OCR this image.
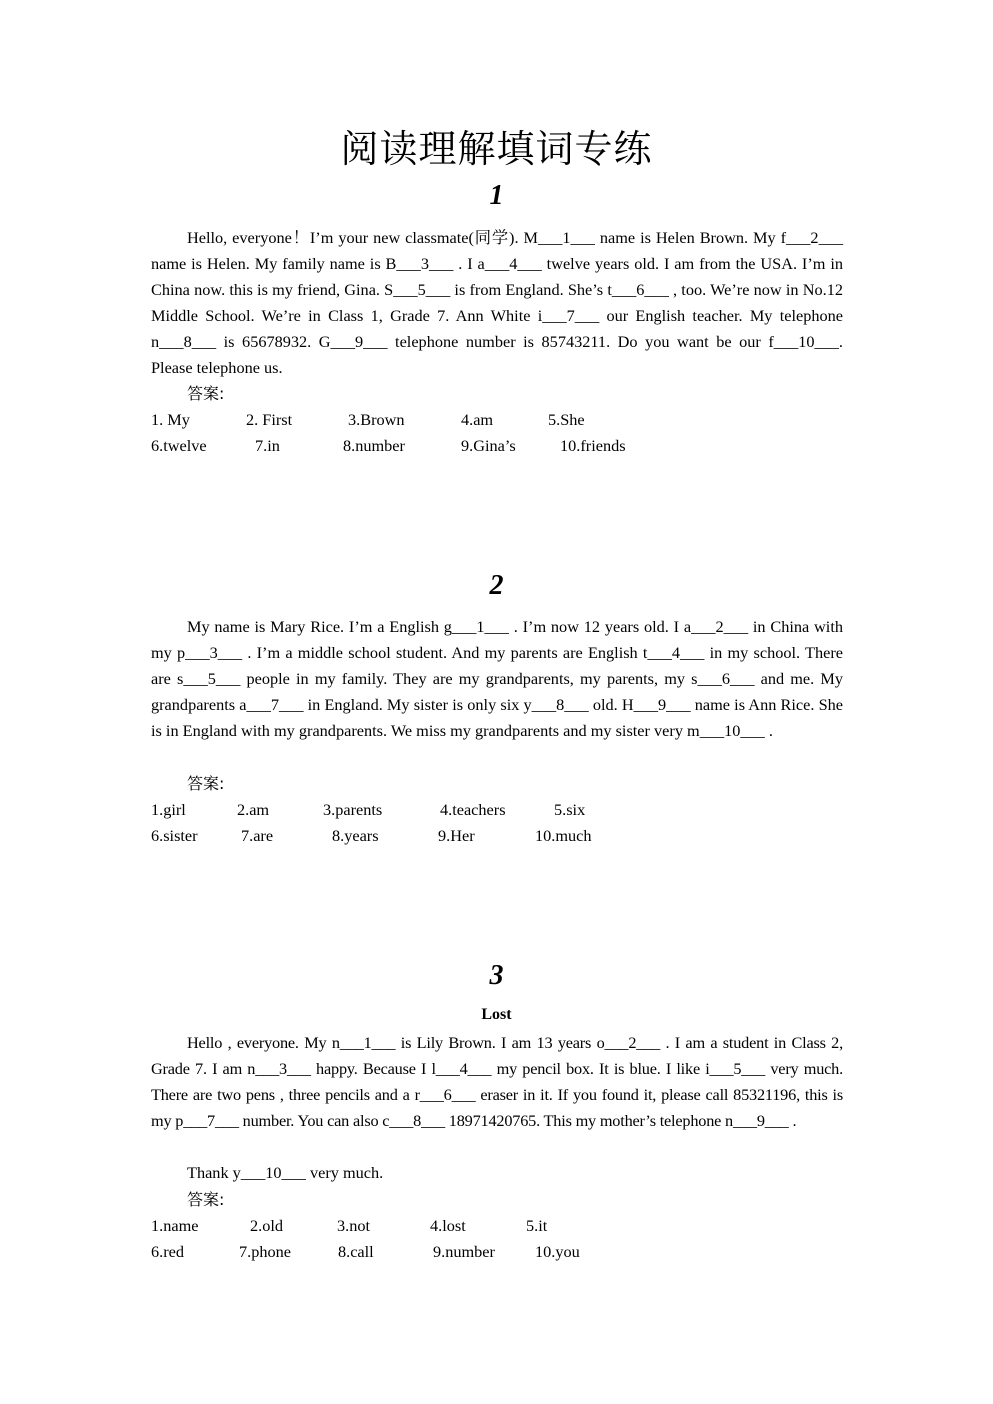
阅读理解填词专练
1
Hello, everyone！I’m your new classmate(同学). M___1___ name is Helen Brown. My f___2___ name is Helen. My family name is B___3___ . I a___4___ twelve years old. I am from the USA. I’m in China now. this is my friend, Gina. S___5___ is from England. She’s t___6___ , too. We’re now in No.12 Middle School. We’re in Class 1, Grade 7. Ann White i___7___ our English teacher. My telephone n___8___ is 65678932. G___9___ telephone number is 85743211. Do you want be our f___10___. Please telephone us.
答案:
1. My	2. First	3.Brown	4.am	5.She
6.twelve	7.in	8.number	9.Gina’s	10.friends
2
My name is Mary Rice. I’m a English g___1___ . I’m now 12 years old. I a___2___ in China with my p___3___ . I’m a middle school student. And my parents are English t___4___ in my school. There are s___5___ people in my family. They are my grandparents, my parents, my s___6___ and me. My grandparents a___7___ in England. My sister is only six y___8___ old. H___9___ name is Ann Rice. She is in England with my grandparents. We miss my grandparents and my sister very m___10___ .
答案:
1.girl	2.am	3.parents	4.teachers	5.six
6.sister	7.are	8.years	9.Her	10.much
3
Lost
Hello , everyone. My n___1___ is Lily Brown. I am 13 years o___2___ . I am a student in Class 2, Grade 7. I am n___3___ happy. Because I l___4___ my pencil box. It is blue. I like i___5___ very much. There are two pens , three pencils and a r___6___ eraser in it. If you found it, please call 85321196, this is my p___7___ number. You can also c___8___ 18971420765. This my mother’s telephone n___9___ .
Thank y___10___ very much.
答案:
1.name	2.old	3.not	4.lost	5.it
6.red	7.phone	8.call	9.number 10.you
